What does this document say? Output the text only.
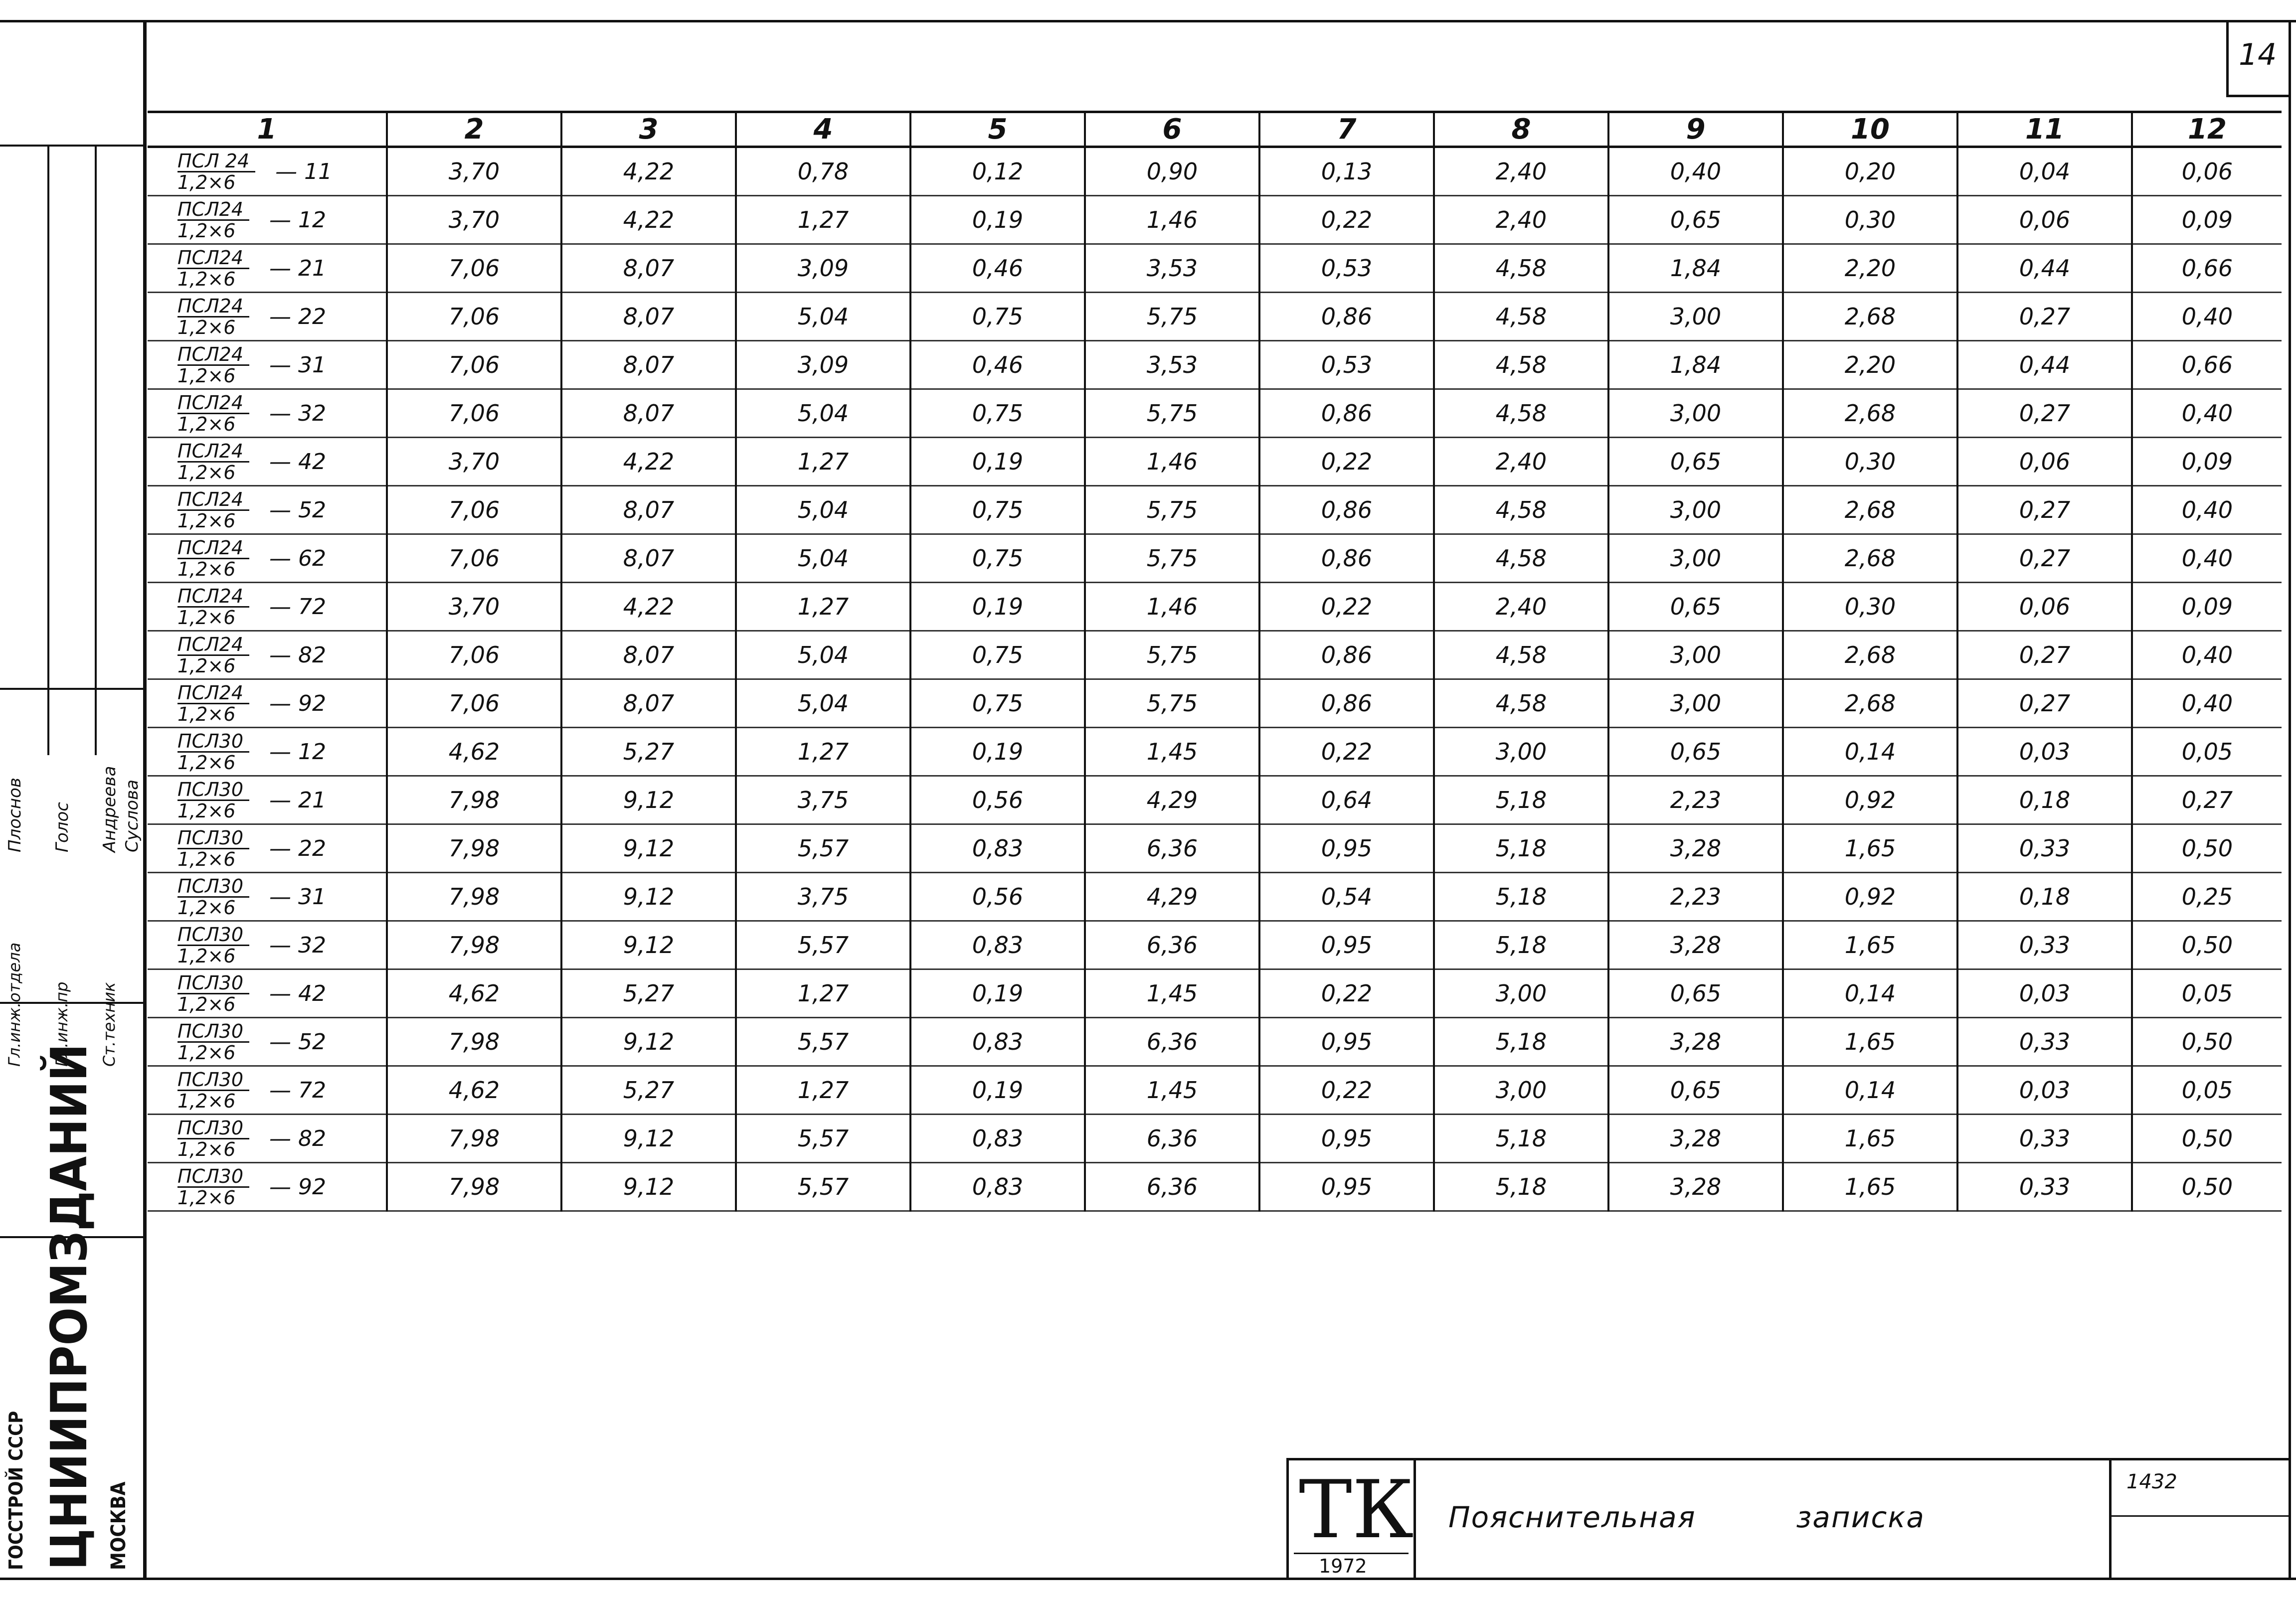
14
Гл.инж.отдела Гл.инж.пр Ст.техник
Плоснов Голос Андреева Суслова
ГОССТРОЙ СССР ЦНИИПРОМЗДАНИЙ МОСКВА
1	2	3	4	5	6	7	8	9	10	11	12

$\frac{\text{ПСЛ 24}}{1,2\times 6}$ — 11	3,70	4,22	0,78	0,12	0,90	0,13	2,40	0,40	0,20	0,04	0,06

$\frac{\text{ПСЛ24}}{1,2\times 6}$ — 12	3,70	4,22	1,27	0,19	1,46	0,22	2,40	0,65	0,30	0,06	0,09

$\frac{\text{ПСЛ24}}{1,2\times 6}$ — 21	7,06	8,07	3,09	0,46	3,53	0,53	4,58	1,84	2,20	0,44	0,66

$\frac{\text{ПСЛ24}}{1,2\times 6}$ — 22	7,06	8,07	5,04	0,75	5,75	0,86	4,58	3,00	2,68	0,27	0,40

$\frac{\text{ПСЛ24}}{1,2\times 6}$ — 31	7,06	8,07	3,09	0,46	3,53	0,53	4,58	1,84	2,20	0,44	0,66

$\frac{\text{ПСЛ24}}{1,2\times 6}$ — 32	7,06	8,07	5,04	0,75	5,75	0,86	4,58	3,00	2,68	0,27	0,40

$\frac{\text{ПСЛ24}}{1,2\times 6}$ — 42	3,70	4,22	1,27	0,19	1,46	0,22	2,40	0,65	0,30	0,06	0,09

$\frac{\text{ПСЛ24}}{1,2\times 6}$ — 52	7,06	8,07	5,04	0,75	5,75	0,86	4,58	3,00	2,68	0,27	0,40

$\frac{\text{ПСЛ24}}{1,2\times 6}$ — 62	7,06	8,07	5,04	0,75	5,75	0,86	4,58	3,00	2,68	0,27	0,40

$\frac{\text{ПСЛ24}}{1,2\times 6}$ — 72	3,70	4,22	1,27	0,19	1,46	0,22	2,40	0,65	0,30	0,06	0,09

$\frac{\text{ПСЛ24}}{1,2\times 6}$ — 82	7,06	8,07	5,04	0,75	5,75	0,86	4,58	3,00	2,68	0,27	0,40

$\frac{\text{ПСЛ24}}{1,2\times 6}$ — 92	7,06	8,07	5,04	0,75	5,75	0,86	4,58	3,00	2,68	0,27	0,40

$\frac{\text{ПСЛ30}}{1,2\times 6}$ — 12	4,62	5,27	1,27	0,19	1,45	0,22	3,00	0,65	0,14	0,03	0,05

$\frac{\text{ПСЛ30}}{1,2\times 6}$ — 21	7,98	9,12	3,75	0,56	4,29	0,64	5,18	2,23	0,92	0,18	0,27

$\frac{\text{ПСЛ30}}{1,2\times 6}$ — 22	7,98	9,12	5,57	0,83	6,36	0,95	5,18	3,28	1,65	0,33	0,50

$\frac{\text{ПСЛ30}}{1,2\times 6}$ — 31	7,98	9,12	3,75	0,56	4,29	0,54	5,18	2,23	0,92	0,18	0,25

$\frac{\text{ПСЛ30}}{1,2\times 6}$ — 32	7,98	9,12	5,57	0,83	6,36	0,95	5,18	3,28	1,65	0,33	0,50

$\frac{\text{ПСЛ30}}{1,2\times 6}$ — 42	4,62	5,27	1,27	0,19	1,45	0,22	3,00	0,65	0,14	0,03	0,05

$\frac{\text{ПСЛ30}}{1,2\times 6}$ — 52	7,98	9,12	5,57	0,83	6,36	0,95	5,18	3,28	1,65	0,33	0,50

$\frac{\text{ПСЛ30}}{1,2\times 6}$ — 72	4,62	5,27	1,27	0,19	1,45	0,22	3,00	0,65	0,14	0,03	0,05

$\frac{\text{ПСЛ30}}{1,2\times 6}$ — 82	7,98	9,12	5,57	0,83	6,36	0,95	5,18	3,28	1,65	0,33	0,50

$\frac{\text{ПСЛ30}}{1,2\times 6}$ — 92	7,98	9,12	5,57	0,83	6,36	0,95	5,18	3,28	1,65	0,33	0,50
ТК
1972
Пояснительная	записка
1432
